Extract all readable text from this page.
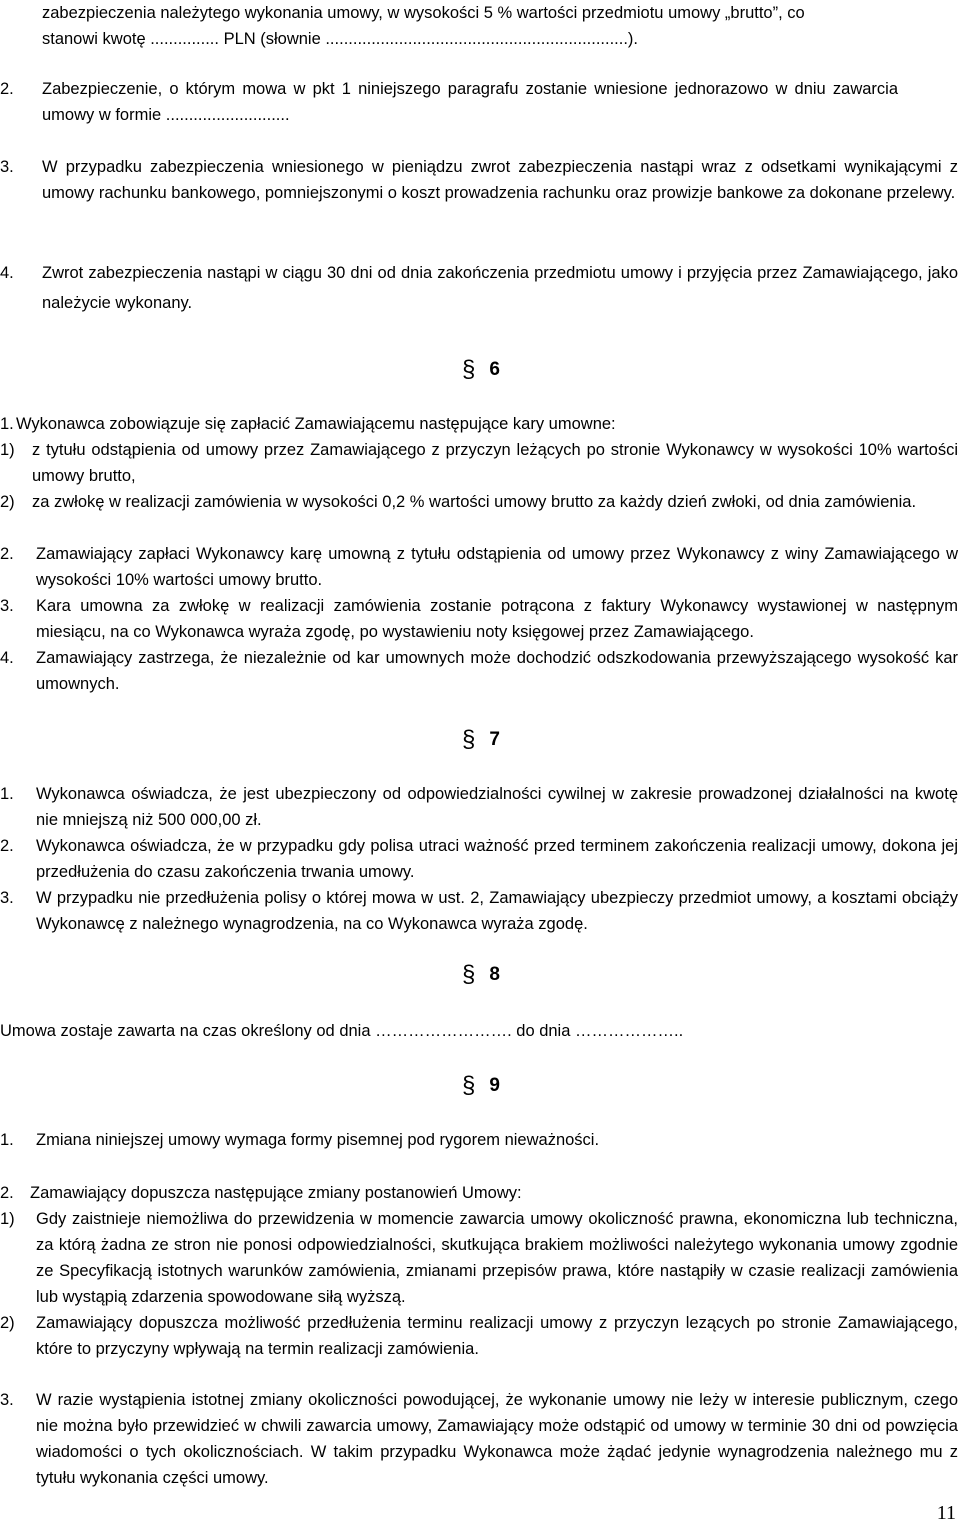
zabezpieczenia należytego wykonania umowy, w wysokości 5 % wartości przedmiotu umowy „brutto”, co

stanowi kwotę ............... PLN (słownie ..................................................................).

2.	Zabezpieczenie, o którym mowa w pkt 1 niniejszego paragrafu zostanie wniesione jednorazowo w dniu zawarcia umowy w formie ...........................
3.	W przypadku zabezpieczenia wniesionego w pieniądzu zwrot zabezpieczenia nastąpi wraz z odsetkami wynikającymi z umowy rachunku bankowego, pomniejszonymi o koszt prowadzenia rachunku oraz prowizje bankowe za dokonane przelewy.
4.	Zwrot zabezpieczenia nastąpi w ciągu 30 dni od dnia zakończenia przedmiotu umowy i przyjęcia przez Zamawiającego, jako należycie wykonany.
§ 6
1. Wykonawca zobowiązuje się zapłacić Zamawiającemu następujące kary umowne:
1)	z tytułu odstąpienia od umowy przez Zamawiającego z przyczyn leżących po stronie Wykonawcy w wysokości 10% wartości umowy brutto,
2)	za zwłokę w realizacji zamówienia w wysokości 0,2 % wartości umowy brutto za każdy dzień zwłoki, od dnia zamówienia.
2.	Zamawiający zapłaci Wykonawcy karę umowną z tytułu odstąpienia od umowy przez Wykonawcy z winy Zamawiającego w wysokości 10% wartości umowy brutto.
3.	Kara umowna za zwłokę w realizacji zamówienia zostanie potrącona z faktury Wykonawcy wystawionej w następnym miesiącu, na co Wykonawca wyraża zgodę, po wystawieniu noty księgowej przez Zamawiającego.
4.	Zamawiający zastrzega, że niezależnie od kar umownych może dochodzić odszkodowania przewyższającego wysokość kar umownych.
§ 7
1.	Wykonawca oświadcza, że jest ubezpieczony od odpowiedzialności cywilnej w zakresie prowadzonej działalności na kwotę nie mniejszą niż 500 000,00 zł.
2.	Wykonawca oświadcza, że w przypadku gdy polisa utraci ważność przed terminem zakończenia realizacji umowy, dokona jej przedłużenia do czasu zakończenia trwania umowy.
3.	W przypadku nie przedłużenia polisy o której mowa w ust. 2, Zamawiający ubezpieczy przedmiot umowy, a kosztami obciąży Wykonawcę z należnego wynagrodzenia, na co Wykonawca wyraża zgodę.
§ 8

Umowa zostaje zawarta na czas określony od dnia ……………………. do dnia ………………..

§ 9
1.	Zmiana niniejszej umowy wymaga formy pisemnej pod rygorem nieważności.
2. Zamawiający dopuszcza następujące zmiany postanowień Umowy:
1)	Gdy zaistnieje niemożliwa do przewidzenia w momencie zawarcia umowy okoliczność prawna, ekonomiczna lub techniczna, za którą żadna ze stron nie ponosi odpowiedzialności, skutkująca brakiem możliwości należytego wykonania umowy zgodnie ze Specyfikacją istotnych warunków zamówienia, zmianami przepisów prawa, które nastąpiły w czasie realizacji zamówienia lub wystąpią zdarzenia spowodowane siłą wyższą.
2)	Zamawiający dopuszcza możliwość przedłużenia terminu realizacji umowy z przyczyn lezących po stronie Zamawiającego, które to przyczyny wpływają na termin realizacji zamówienia.
3.	W razie wystąpienia istotnej zmiany okoliczności powodującej, że wykonanie umowy nie leży w interesie publicznym, czego nie można było przewidzieć w chwili zawarcia umowy, Zamawiający może odstąpić od umowy w terminie 30 dni od powzięcia wiadomości o tych okolicznościach. W takim przypadku Wykonawca może żądać jedynie wynagrodzenia należnego mu z tytułu wykonania części umowy.
11
